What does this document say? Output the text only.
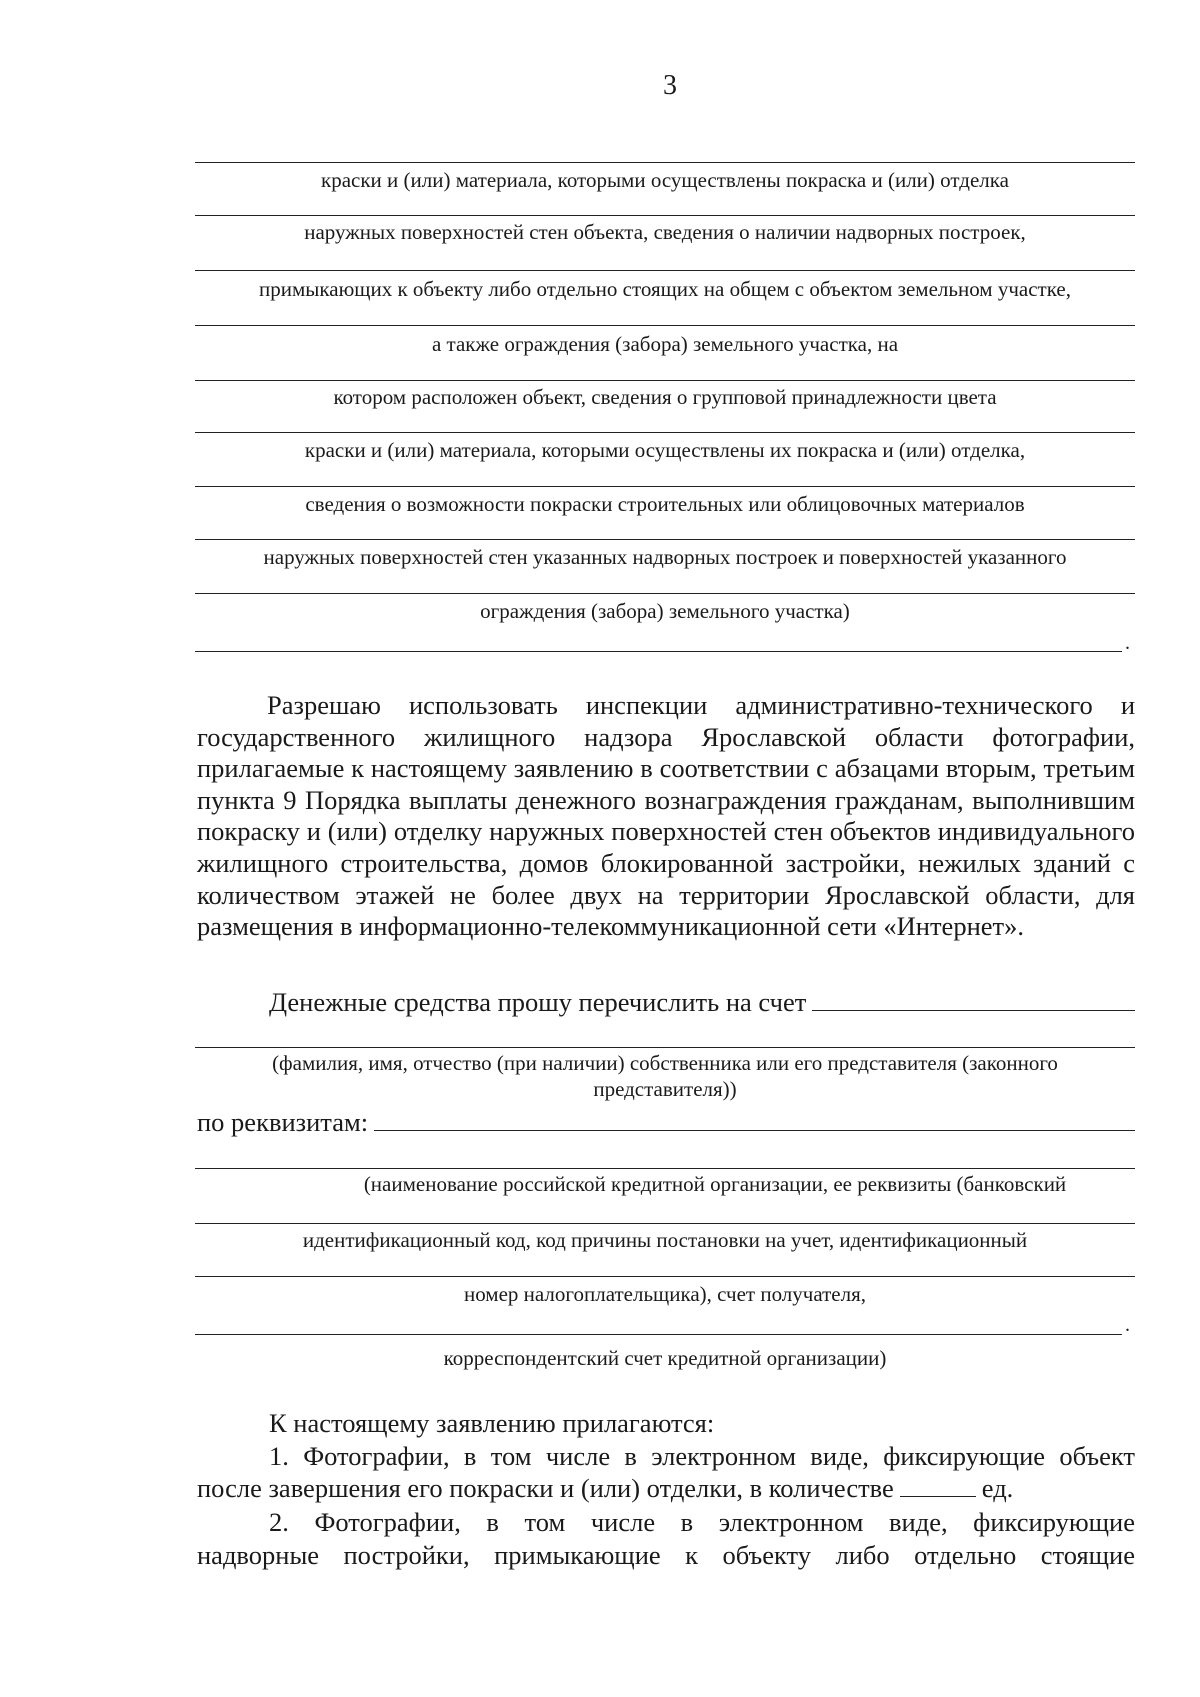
3
краски и (или) материала, которыми осуществлены покраска и (или) отделка
наружных поверхностей стен объекта, сведения о наличии надворных построек,
примыкающих к объекту либо отдельно стоящих на общем с объектом земельном участке,
а также ограждения (забора) земельного участка, на
котором расположен объект, сведения о групповой принадлежности цвета
краски и (или) материала, которыми осуществлены их покраска и (или) отделка,
сведения о возможности покраски строительных или облицовочных материалов
наружных поверхностей стен указанных надворных построек и поверхностей указанного
ограждения (забора) земельного участка)
.
Разрешаю использовать инспекции административно-технического и государственного жилищного надзора Ярославской области фотографии, прилагаемые к настоящему заявлению в соответствии с абзацами вторым, третьим пункта 9 Порядка выплаты денежного вознаграждения гражданам, выполнившим покраску и (или) отделку наружных поверхностей стен объектов индивидуального жилищного строительства, домов блокированной застройки, нежилых зданий с количеством этажей не более двух на территории Ярославской области, для размещения в информационно-телекоммуникационной сети «Интернет».
Денежные средства прошу перечислить на счет
(фамилия, имя, отчество (при наличии) собственника или его представителя (законного
представителя))
по реквизитам:
(наименование российской кредитной организации, ее реквизиты (банковский
идентификационный код, код причины постановки на учет, идентификационный
номер налогоплательщика), счет получателя,
.
корреспондентский счет кредитной организации)
К настоящему заявлению прилагаются:
1. Фотографии, в том числе в электронном виде, фиксирующие объект
после завершения его покраски и (или) отделки, в количестве	ед.
2. Фотографии, в том числе в электронном виде, фиксирующие
надворные постройки, примыкающие к объекту либо отдельно стоящие
